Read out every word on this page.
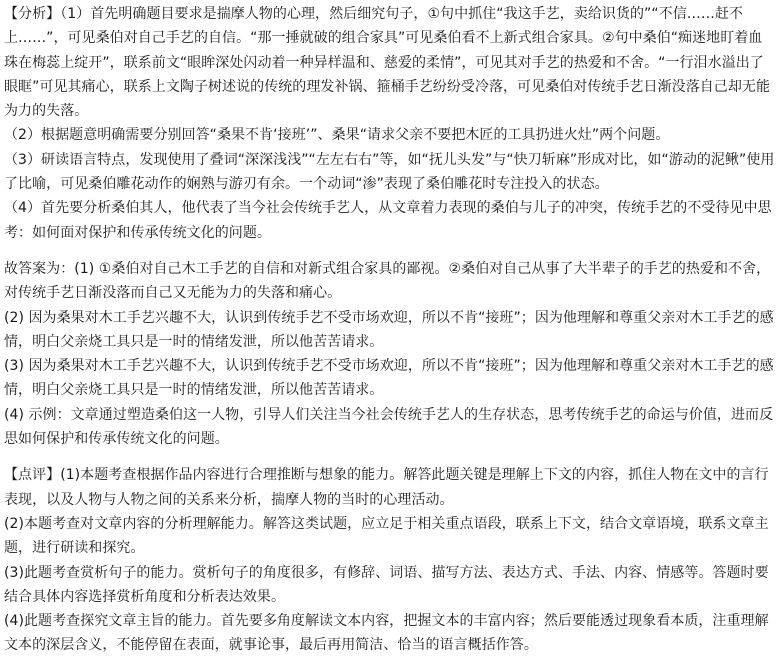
【分析】（1）首先明确题目要求是揣摩人物的心理，然后细究句子，①句中抓住“我这手艺，卖给识货的”“不信……赶不上……”，可见桑伯对自己手艺的自信。“那一捶就破的组合家具”可见桑伯看不上新式组合家具。②句中桑伯“痴迷地盯着血珠在梅蕊上绽开”，联系前文“眼眸深处闪动着一种异样温和、慈爱的柔情”，可见其对手艺的热爱和不舍。“一行泪水溢出了眼眶”可见其痛心，联系上文陶子树述说的传统的理发补锅、箍桶手艺纷纷受冷落，可见桑伯对传统手艺日渐没落自己却无能为力的失落。

（2）根据题意明确需要分别回答“桑果不肯‘接班’”、桑果“请求父亲不要把木匠的工具扔进火灶”两个问题。

（3）研读语言特点，发现使用了叠词“深深浅浅”“左左右右”等，如“抚儿头发”与“快刀斩麻”形成对比，如“游动的泥鳅”使用了比喻，可见桑伯雕花动作的娴熟与游刃有余。一个动词“渗”表现了桑伯雕花时专注投入的状态。

（4）首先要分析桑伯其人，他代表了当今社会传统手艺人，从文章着力表现的桑伯与儿子的冲突，传统手艺的不受待见中思考：如何面对保护和传承传统文化的问题。

故答案为：(1) ①桑伯对自己木工手艺的自信和对新式组合家具的鄙视。②桑伯对自己从事了大半辈子的手艺的热爱和不舍，对传统手艺日渐没落而自己又无能为力的失落和痛心。

(2) 因为桑果对木工手艺兴趣不大，认识到传统手艺不受市场欢迎，所以不肯“接班”；因为他理解和尊重父亲对木工手艺的感情，明白父亲烧工具只是一时的情绪发泄，所以他苦苦请求。

(3) 因为桑果对木工手艺兴趣不大，认识到传统手艺不受市场欢迎，所以不肯“接班”；因为他理解和尊重父亲对木工手艺的感情，明白父亲烧工具只是一时的情绪发泄，所以他苦苦请求。

(4) 示例：文章通过塑造桑伯这一人物，引导人们关注当今社会传统手艺人的生存状态，思考传统手艺的命运与价值，进而反思如何保护和传承传统文化的问题。

【点评】(1)本题考查根据作品内容进行合理推断与想象的能力。解答此题关键是理解上下文的内容，抓住人物在文中的言行表现，以及人物与人物之间的关系来分析，揣摩人物的当时的心理活动。

(2)本题考查对文章内容的分析理解能力。解答这类试题，应立足于相关重点语段，联系上下文，结合文章语境，联系文章主题，进行研读和探究。

(3)此题考查赏析句子的能力。赏析句子的角度很多，有修辞、词语、描写方法、表达方式、手法、内容、情感等。答题时要结合具体内容选择赏析角度和分析表达效果。

(4)此题考查探究文章主旨的能力。首先要多角度解读文本内容，把握文本的丰富内容；然后要能透过现象看本质，注重理解文本的深层含义，不能停留在表面，就事论事，最后再用简洁、恰当的语言概括作答。
